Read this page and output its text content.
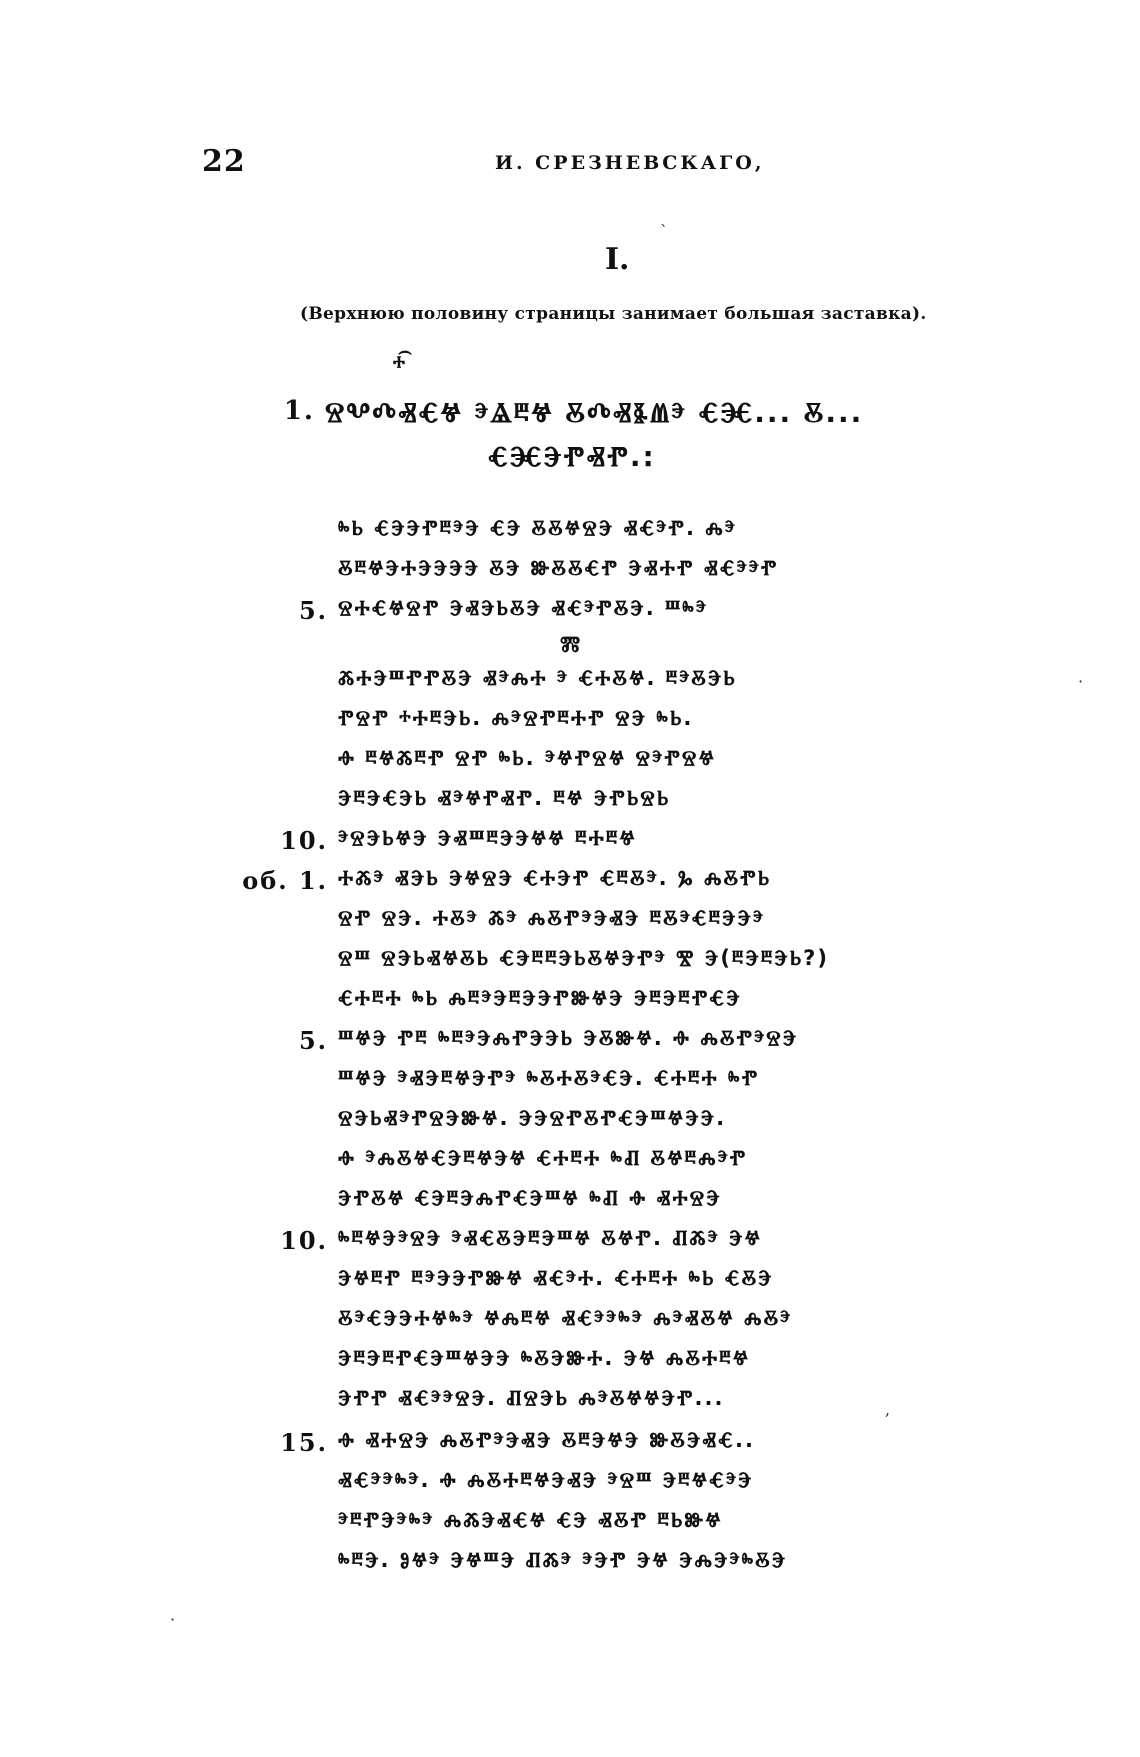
22	И. СРЕЗНЕВСКАГО,
I.
(Верхнюю половину страницы занимает большая заставка).
ⰰ͡
1. ⰔⰂⰄⰟⰤⰝ ⰵⰡⰱⰝ ⰋⰄⰟⰫⰮⰵ ⰤⰧ... Ⰻ...
ⰤⰧⰅⰒⰟⰒ.:
ⰸⰓ ⰤⰅⰅⰒⰱⰵⰅ ⰤⰅ ⰋⰋⰝⰔⰅ ⰟⰤⰵⰒ. Ⰾⰵ
ⰋⰱⰝⰅⰀⰅⰅⰅⰅ ⰋⰅ ⰖⰋⰋⰤⰒ ⰅⰟⰀⰒ ⰟⰤⰵⰵⰒ
5. ⰔⰀⰤⰝⰔⰒ ⰅⰟⰅⰓⰋⰅ ⰟⰤⰵⰒⰋⰅ. Ⱎⰸⰵ
Ⰿ
ⰆⰀⰅⰞⰒⰒⰋⰅ ⰟⰵⰎⰀ ⰵ ⰤⰀⰋⰝ. ⰱⰵⰋⰅⰓ
ⰒⰔⰒ ⰰⰀⰱⰅⰓ. ⰎⰵⰔⰒⰱⰀⰒ ⰔⰅ ⰸⰓ.
Ⱚ ⰱⰝⰆⰱⰒ ⰔⰒ ⰸⰓ. ⰵⰝⰒⰔⰝ ⰔⰵⰒⰔⰝ
ⰅⰱⰅⰤⰅⰓ ⰟⰵⰝⰒⰟⰒ. ⰱⰝ ⰅⰒⰓⰔⰓ
10. ⰵⰔⰅⰓⰝⰅ ⰅⰟⰞⰱⰅⰅⰝⰝ ⰱⰀⰱⰝ
об. 1. ⰀⰆⰵ ⰟⰅⰓ ⰅⰝⰔⰅ ⰤⰀⰅⰒ ⰤⰱⰋⰵ. Ⰳ ⰎⰋⰒⰓ
ⰔⰒ ⰔⰅ. ⰀⰋⰵ Ⰶⰵ ⰎⰋⰒⰵⰅⰟⰅ ⰱⰋⰵⰤⰱⰅⰅⰵ
ⰔⰞ ⰔⰅⰓⰟⰝⰋⰓ ⰤⰅⰱⰱⰅⰓⰋⰝⰅⰒⰵ Ⰺ Ⰵ(ⰱⰅⰱⰅⰓ?)
ⰤⰀⰱⰀ ⰸⰓ ⰎⰱⰵⰅⰱⰅⰅⰒⰖⰝⰅ ⰅⰱⰅⰱⰒⰤⰅ
5. ⰞⰝⰅ Ⱂⰱ ⰸⰱⰵⰅⰎⰒⰅⰅⰓ ⰅⰋⰖⰝ. Ⱚ ⰎⰋⰒⰵⰔⰅ
ⰞⰝⰅ ⰵⰟⰅⰱⰝⰅⰒⰵ ⰸⰋⰀⰋⰵⰤⰅ. ⰤⰀⰱⰀ ⰸⰒ
ⰔⰅⰓⰟⰵⰒⰔⰅⰖⰝ. ⰅⰅⰔⰒⰋⰒⰤⰅⰞⰝⰅⰅ.
Ⱚ ⰵⰎⰋⰝⰤⰅⰱⰝⰅⰝ ⰤⰀⰱⰀ ⰸⰚ ⰋⰝⰱⰎⰵⰒ
ⰅⰒⰋⰝ ⰤⰅⰱⰅⰎⰒⰤⰅⰞⰝ ⰸⰚ Ⱚ ⰟⰀⰔⰅ
10. ⰸⰱⰝⰅⰵⰔⰅ ⰵⰟⰤⰋⰅⰱⰅⰞⰝ ⰋⰝⰒ. ⰚⰆⰵ ⰅⰝ
ⰅⰝⰱⰒ ⰱⰵⰅⰅⰒⰖⰝ ⰟⰤⰵⰀ. ⰤⰀⰱⰀ ⰸⰓ ⰤⰋⰅ
ⰋⰵⰤⰅⰅⰀⰝⰸⰵ ⰝⰎⰱⰝ ⰟⰤⰵⰵⰸⰵ ⰎⰵⰟⰋⰝ ⰎⰋⰵ
ⰅⰱⰅⰱⰒⰤⰅⰞⰝⰅⰅ ⰸⰋⰅⰖⰀ. ⰅⰝ ⰎⰋⰀⰱⰝ
ⰅⰒⰒ ⰟⰤⰵⰵⰔⰅ. ⰚⰔⰅⰓ ⰎⰵⰋⰝⰝⰅⰒ...
15. Ⱚ ⰟⰀⰔⰅ ⰎⰋⰒⰵⰅⰟⰅ ⰋⰱⰅⰝⰅ ⰖⰋⰅⰟⰤ..
ⰟⰤⰵⰵⰸⰵ. Ⱚ ⰎⰋⰀⰱⰝⰅⰟⰅ ⰵⰔⰞ ⰅⰱⰝⰤⰵⰅ
ⰵⰱⰒⰅⰵⰸⰵ ⰎⰆⰅⰟⰤⰝ ⰤⰅ ⰟⰋⰒ ⰱⰓⰖⰝ
ⰸⰱⰅ. ⰑⰝⰵ ⰅⰝⰞⰅ ⰚⰆⰵ ⰵⰅⰒ ⰅⰝ ⰅⰎⰅⰵⰸⰋⰅ
`
·
,
·
